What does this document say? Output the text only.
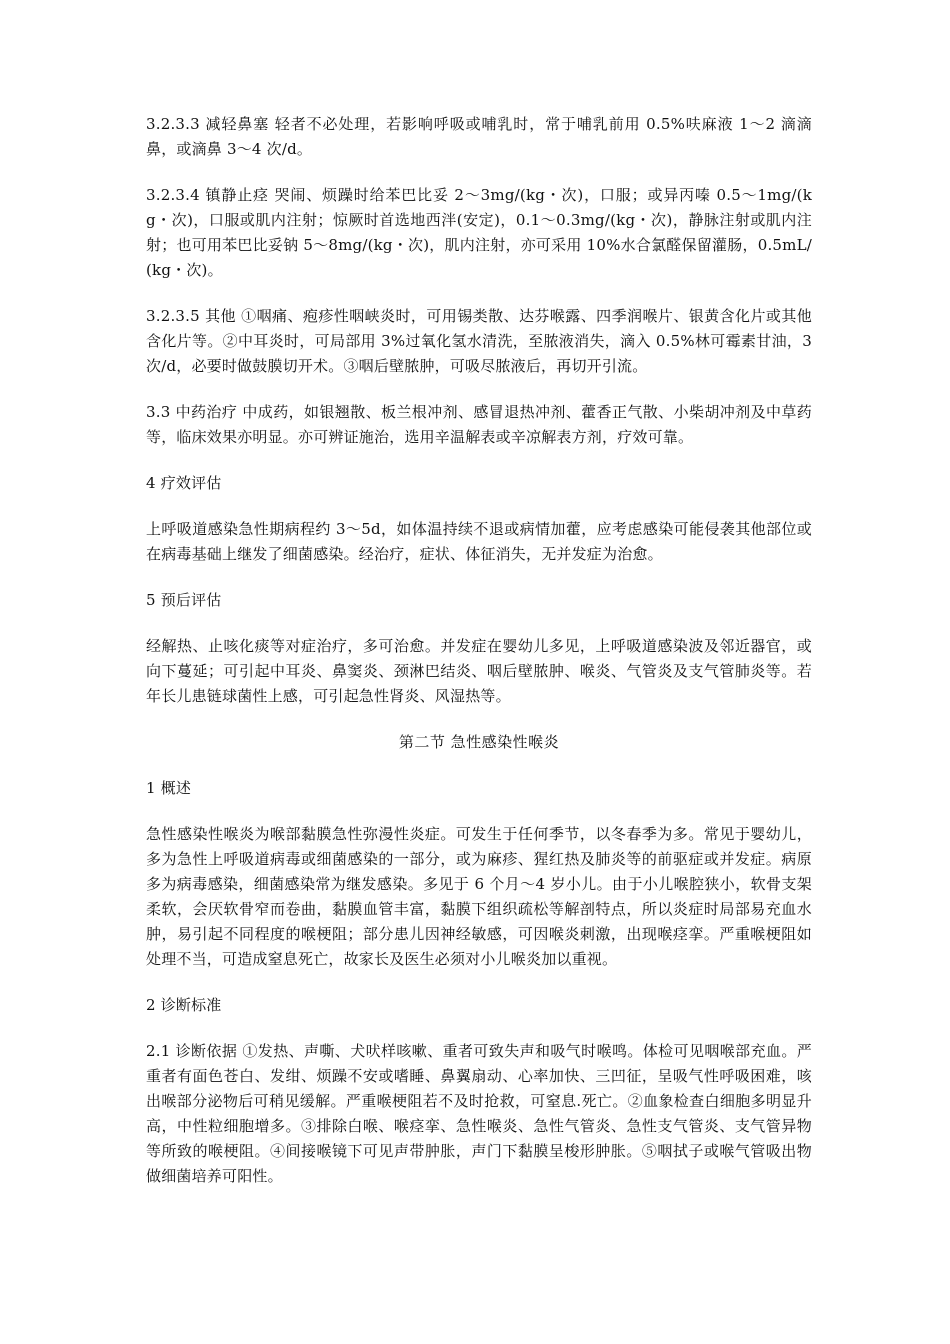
3.2.3.3 减轻鼻塞 轻者不必处理，若影响呼吸或哺乳时，常于哺乳前用 0.5%呋麻液 1～2 滴滴鼻，或滴鼻 3～4 次/d。

3.2.3.4 镇静止痉 哭闹、烦躁时给苯巴比妥 2～3mg/(kg・次)，口服；或异丙嗪 0.5～1mg/(kg・次)，口服或肌内注射；惊厥时首选地西泮(安定)，0.1～0.3mg/(kg・次)，静脉注射或肌内注射；也可用苯巴比妥钠 5～8mg/(kg・次)，肌内注射，亦可采用 10%水合氯醛保留灌肠，0.5mL/(kg・次)。

3.2.3.5 其他 ①咽痛、疱疹性咽峡炎时，可用锡类散、达芬喉露、四季润喉片、银黄含化片或其他含化片等。②中耳炎时，可局部用 3%过氧化氢水清洗，至脓液消失，滴入 0.5%林可霉素甘油，3 次/d，必要时做鼓膜切开术。③咽后壁脓肿，可吸尽脓液后，再切开引流。

3.3 中药治疗 中成药，如银翘散、板兰根冲剂、感冒退热冲剂、藿香正气散、小柴胡冲剂及中草药等，临床效果亦明显。亦可辨证施治，选用辛温解表或辛凉解表方剂，疗效可靠。

4 疗效评估

上呼吸道感染急性期病程约 3～5d，如体温持续不退或病情加藿，应考虑感染可能侵袭其他部位或在病毒基础上继发了细菌感染。经治疗，症状、体征消失，无并发症为治愈。

5 预后评估

经解热、止咳化痰等对症治疗，多可治愈。并发症在婴幼儿多见，上呼吸道感染波及邻近器官，或向下蔓延；可引起中耳炎、鼻窦炎、颈淋巴结炎、咽后壁脓肿、喉炎、气管炎及支气管肺炎等。若年长儿患链球菌性上感，可引起急性肾炎、风湿热等。

第二节 急性感染性喉炎

1 概述

急性感染性喉炎为喉部黏膜急性弥漫性炎症。可发生于任何季节，以冬春季为多。常见于婴幼儿，多为急性上呼吸道病毒或细菌感染的一部分，或为麻疹、猩红热及肺炎等的前驱症或并发症。病原多为病毒感染，细菌感染常为继发感染。多见于 6 个月～4 岁小儿。由于小儿喉腔狭小，软骨支架柔软，会厌软骨窄而卷曲，黏膜血管丰富，黏膜下组织疏松等解剖特点，所以炎症时局部易充血水肿，易引起不同程度的喉梗阻；部分患儿因神经敏感，可因喉炎刺激，出现喉痉挛。严重喉梗阻如处理不当，可造成窒息死亡，故家长及医生必须对小儿喉炎加以重视。

2 诊断标准

2.1 诊断依据 ①发热、声嘶、犬吠样咳嗽、重者可致失声和吸气时喉鸣。体检可见咽喉部充血。严重者有面色苍白、发绀、烦躁不安或嗜睡、鼻翼扇动、心率加快、三凹征，呈吸气性呼吸困难，咳出喉部分泌物后可稍见缓解。严重喉梗阻若不及时抢救，可窒息.死亡。②血象检查白细胞多明显升高，中性粒细胞增多。③排除白喉、喉痉挛、急性喉炎、急性气管炎、急性支气管炎、支气管异物等所致的喉梗阻。④间接喉镜下可见声带肿胀，声门下黏膜呈梭形肿胀。⑤咽拭子或喉气管吸出物做细菌培养可阳性。
